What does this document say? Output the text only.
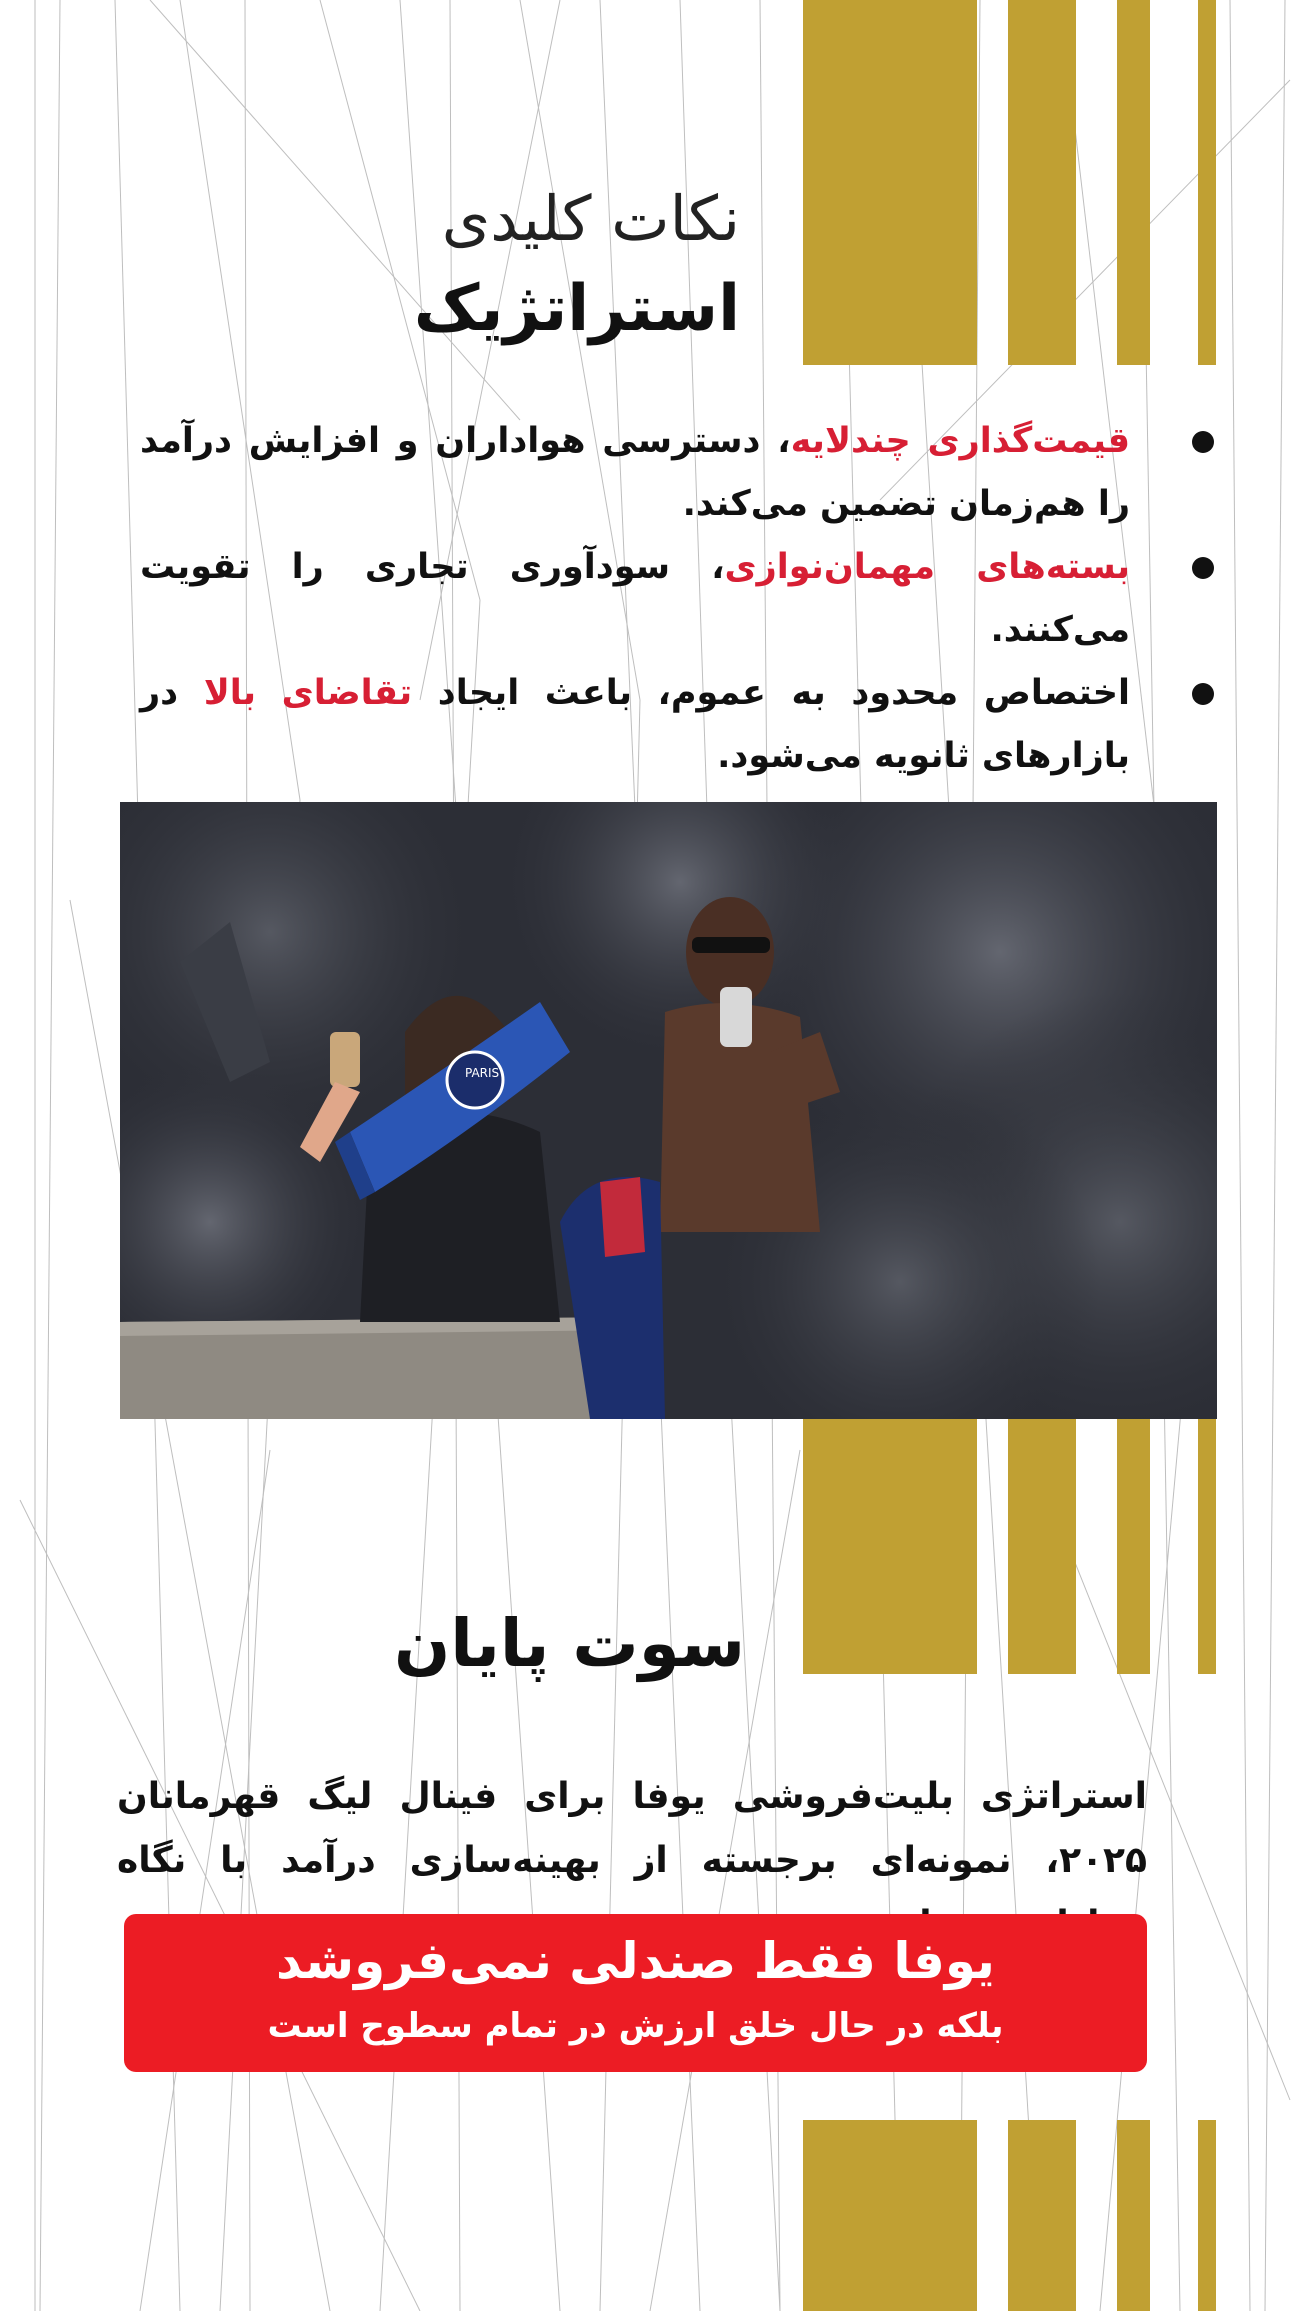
نکات کلیدی
استراتژیک
قیمت‌گذاری چندلایه، دسترسی هواداران و افزایش درآمد را هم‌زمان تضمین می‌کند.
بسته‌های مهمان‌نوازی، سودآوری تجاری را تقویت می‌کنند.
اختصاص محدود به عموم، باعث ایجاد تقاضای بالا در بازارهای ثانویه می‌شود.
PARIS
سوت پایان
استراتژی بلیت‌فروشی یوفا برای فینال لیگ قهرمانان ۲۰۲۵، نمونه‌ای برجسته از بهینه‌سازی درآمد با نگاه
یوفا فقط صندلی نمی‌فروشد
بلکه در حال خلق ارزش در تمام سطوح است
